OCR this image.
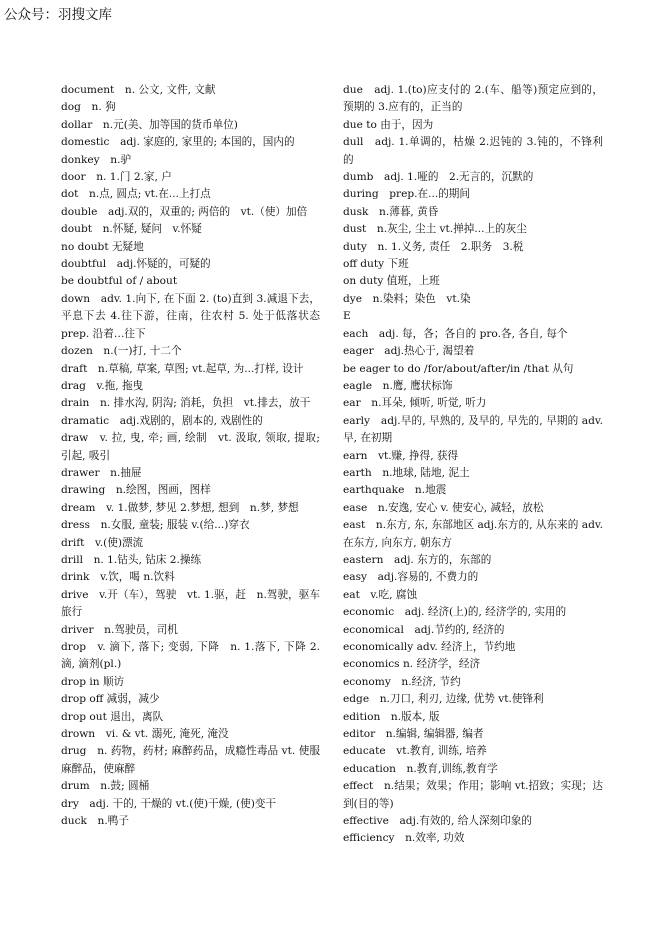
公众号：羽搜文库
document　n. 公文, 文件, 文献
dog　n. 狗
dollar　n.元(美、加等国的货币单位)
domestic　adj. 家庭的, 家里的; 本国的，国内的
donkey　n.驴
door　n. 1.门 2.家, 户
dot　n.点, 圆点; vt.在...上打点
double　adj.双的，双重的; 两倍的　vt.（使）加倍
doubt　n.怀疑, 疑问　v.怀疑
no doubt 无疑地
doubtful　adj.怀疑的，可疑的
be doubtful of / about
down　adv. 1.向下, 在下面 2. (to)直到 3.减退下去，平息下去 4.往下游，往南，往农村 5. 处于低落状态 prep. 沿着…往下
dozen　n.(一)打, 十二个
draft　n.草稿, 草案, 草图; vt.起草, 为...打样, 设计
drag　v.拖, 拖曳
drain　n. 排水沟, 阴沟; 消耗，负担　vt.排去，放干
dramatic　adj.戏剧的，剧本的, 戏剧性的
draw　v. 拉, 曳, 牵; 画, 绘制　vt. 汲取, 领取, 提取; 引起, 吸引
drawer　n.抽屉
drawing　n.绘图，图画，图样
dream　v. 1.做梦, 梦见 2.梦想, 想到　n.梦, 梦想
dress　n.女服, 童装; 服装 v.(给...)穿衣
drift　v.(使)漂流
drill　n. 1.钻头, 钻床 2.操练
drink　v.饮，喝 n.饮料
drive　v.开（车），驾驶　vt. 1.驱，赶　n.驾驶，驱车旅行
driver　n.驾驶员，司机
drop　v. 滴下, 落下; 变弱, 下降　n. 1.落下, 下降 2.滴, 滴剂(pl.)
drop in 顺访
drop off 减弱，减少
drop out 退出，离队
drown　vi. & vt. 溺死, 淹死, 淹没
drug　n. 药物，药材; 麻醉药品，成瘾性毒品 vt. 使服麻醉品，使麻醉
drum　n.鼓; 圆桶
dry　adj. 干的, 干燥的 vt.(使)干燥, (使)变干
duck　n.鸭子
due　adj. 1.(to)应支付的 2.(车、船等)预定应到的，预期的 3.应有的，正当的
due to 由于，因为
dull　adj. 1.单调的，枯燥 2.迟钝的 3.钝的，不锋利的
dumb　adj. 1.哑的　2.无言的，沉默的
during　prep.在...的期间
dusk　n.薄暮, 黄昏
dust　n.灰尘, 尘土 vt.掸掉...上的灰尘
duty　n. 1.义务, 责任　2.职务　3.税
off duty 下班
on duty 值班，上班
dye　n.染料；染色　vt.染
E
each　adj. 每，各；各自的 pro.各, 各自, 每个
eager　adj.热心于, 渴望着
be eager to do /for/about/after/in /that 从句
eagle　n.鹰, 鹰状标饰
ear　n.耳朵, 倾听, 听觉, 听力
early　adj.早的, 早熟的, 及早的, 早先的, 早期的 adv.早, 在初期
earn　vt.赚, 挣得, 获得
earth　n.地球, 陆地, 泥土
earthquake　n.地震
ease　n.安逸, 安心 v. 使安心, 减轻，放松
east　n.东方, 东, 东部地区 adj.东方的, 从东来的 adv.在东方, 向东方, 朝东方
eastern　adj. 东方的，东部的
easy　adj.容易的, 不费力的
eat　v.吃, 腐蚀
economic　adj. 经济(上)的, 经济学的, 实用的
economical　adj.节约的, 经济的
economically adv. 经济上，节约地
economics n. 经济学，经济
economy　n.经济, 节约
edge　n.刀口, 利刃, 边缘, 优势 vt.使锋利
edition　n.版本, 版
editor　n.编辑, 编辑器, 编者
educate　vt.教育, 训练, 培养
education　n.教育,训练,教育学
effect　n.结果；效果；作用；影响 vt.招致；实现；达到(目的等)
effective　adj.有效的, 给人深刻印象的
efficiency　n.效率, 功效
